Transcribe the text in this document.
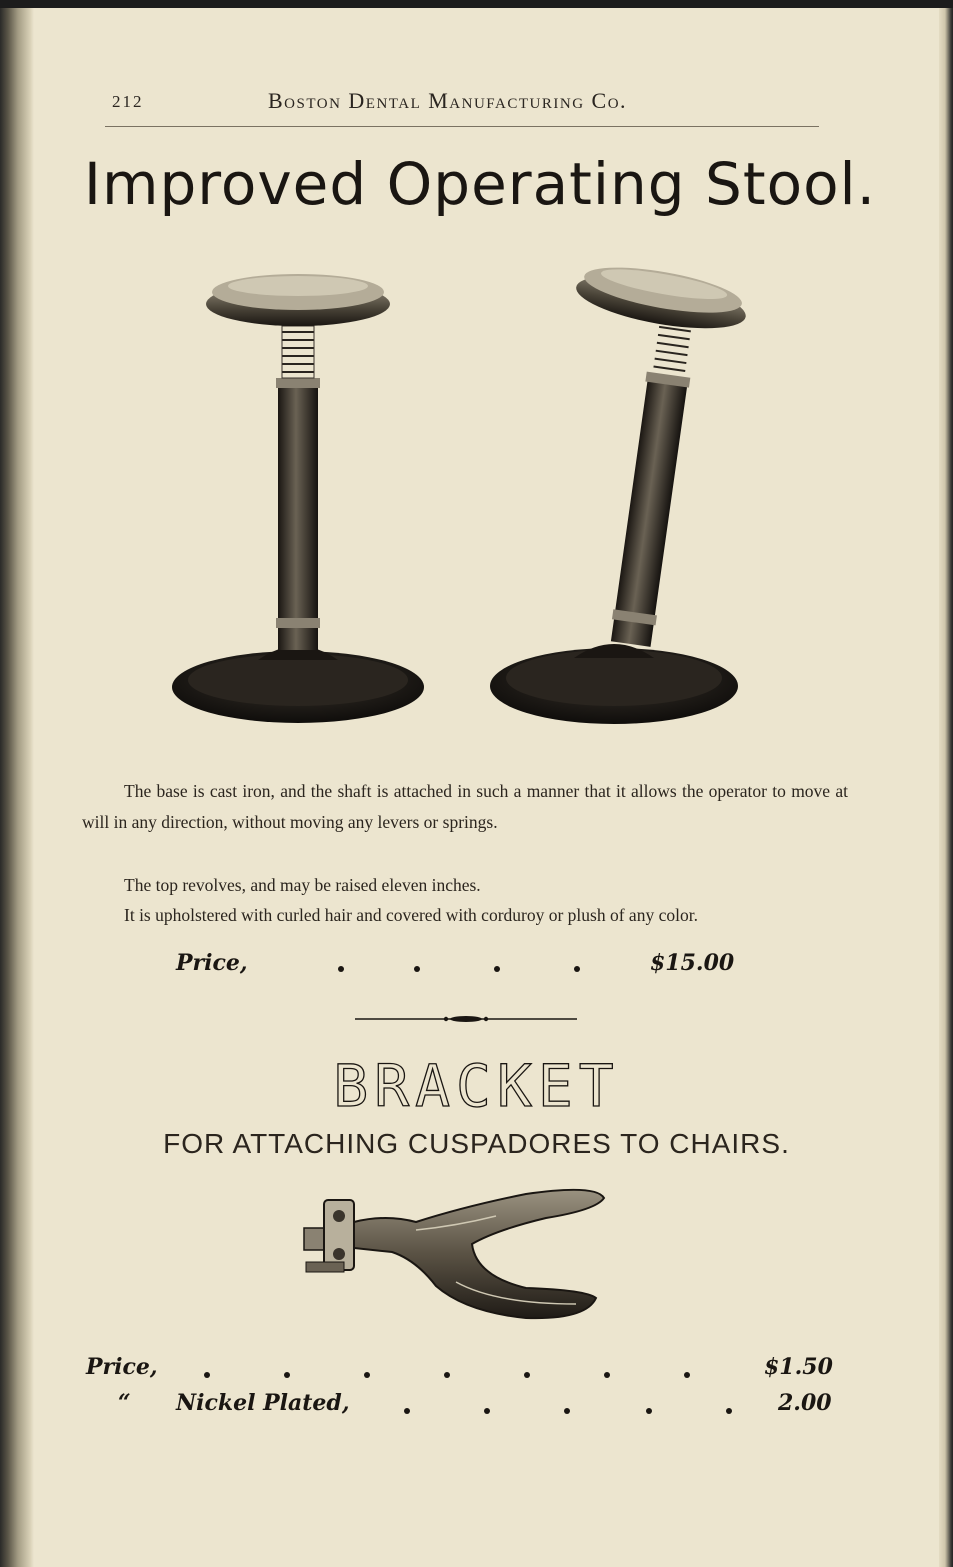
212	Boston Dental Manufacturing Co.
Improved Operating Stool.

The base is cast iron, and the shaft is attached in such a manner that it allows the operator to move at will in any direction, without moving any levers or springs.

The top revolves, and may be raised eleven inches.

It is upholstered with curled hair and covered with corduroy or plush of any color.

Price,	$15.00
BRACKET
FOR ATTACHING CUSPADORES TO CHAIRS.
Price,	$1.50
“ Nickel Plated,	2.00
